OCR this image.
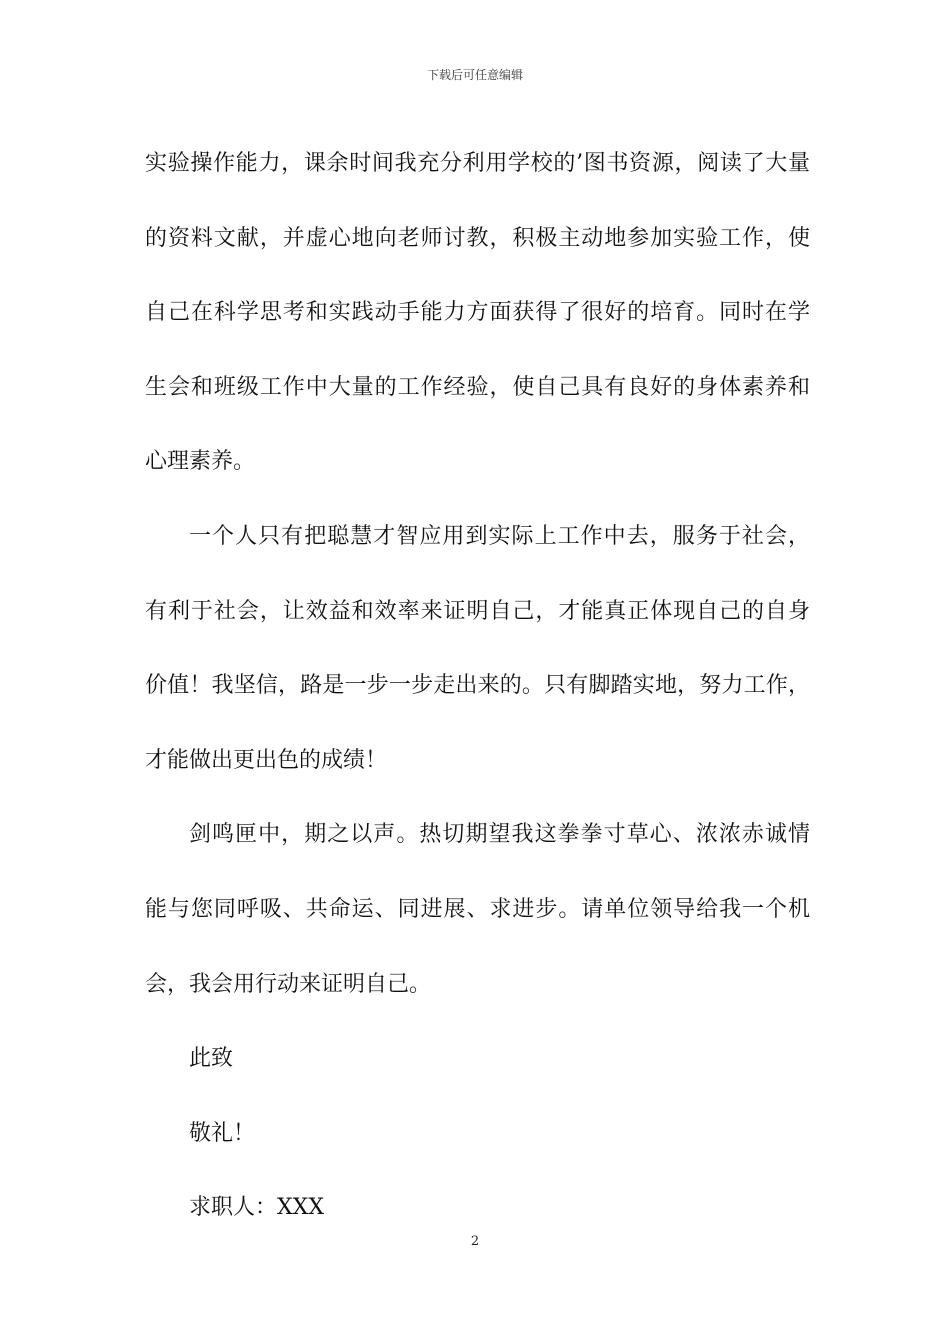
下载后可任意编辑
实验操作能力，课余时间我充分利用学校的’图书资源，阅读了大量
的资料文献，并虚心地向老师讨教，积极主动地参加实验工作，使
自己在科学思考和实践动手能力方面获得了很好的培育。同时在学
生会和班级工作中大量的工作经验，使自己具有良好的身体素养和
心理素养。
一个人只有把聪慧才智应用到实际上工作中去，服务于社会，
有利于社会，让效益和效率来证明自己，才能真正体现自己的自身
价值！我坚信，路是一步一步走出来的。只有脚踏实地，努力工作，
才能做出更出色的成绩！
剑鸣匣中，期之以声。热切期望我这拳拳寸草心、浓浓赤诚情
能与您同呼吸、共命运、同进展、求进步。请单位领导给我一个机
会，我会用行动来证明自己。
此致
敬礼！
求职人：XXX
2
